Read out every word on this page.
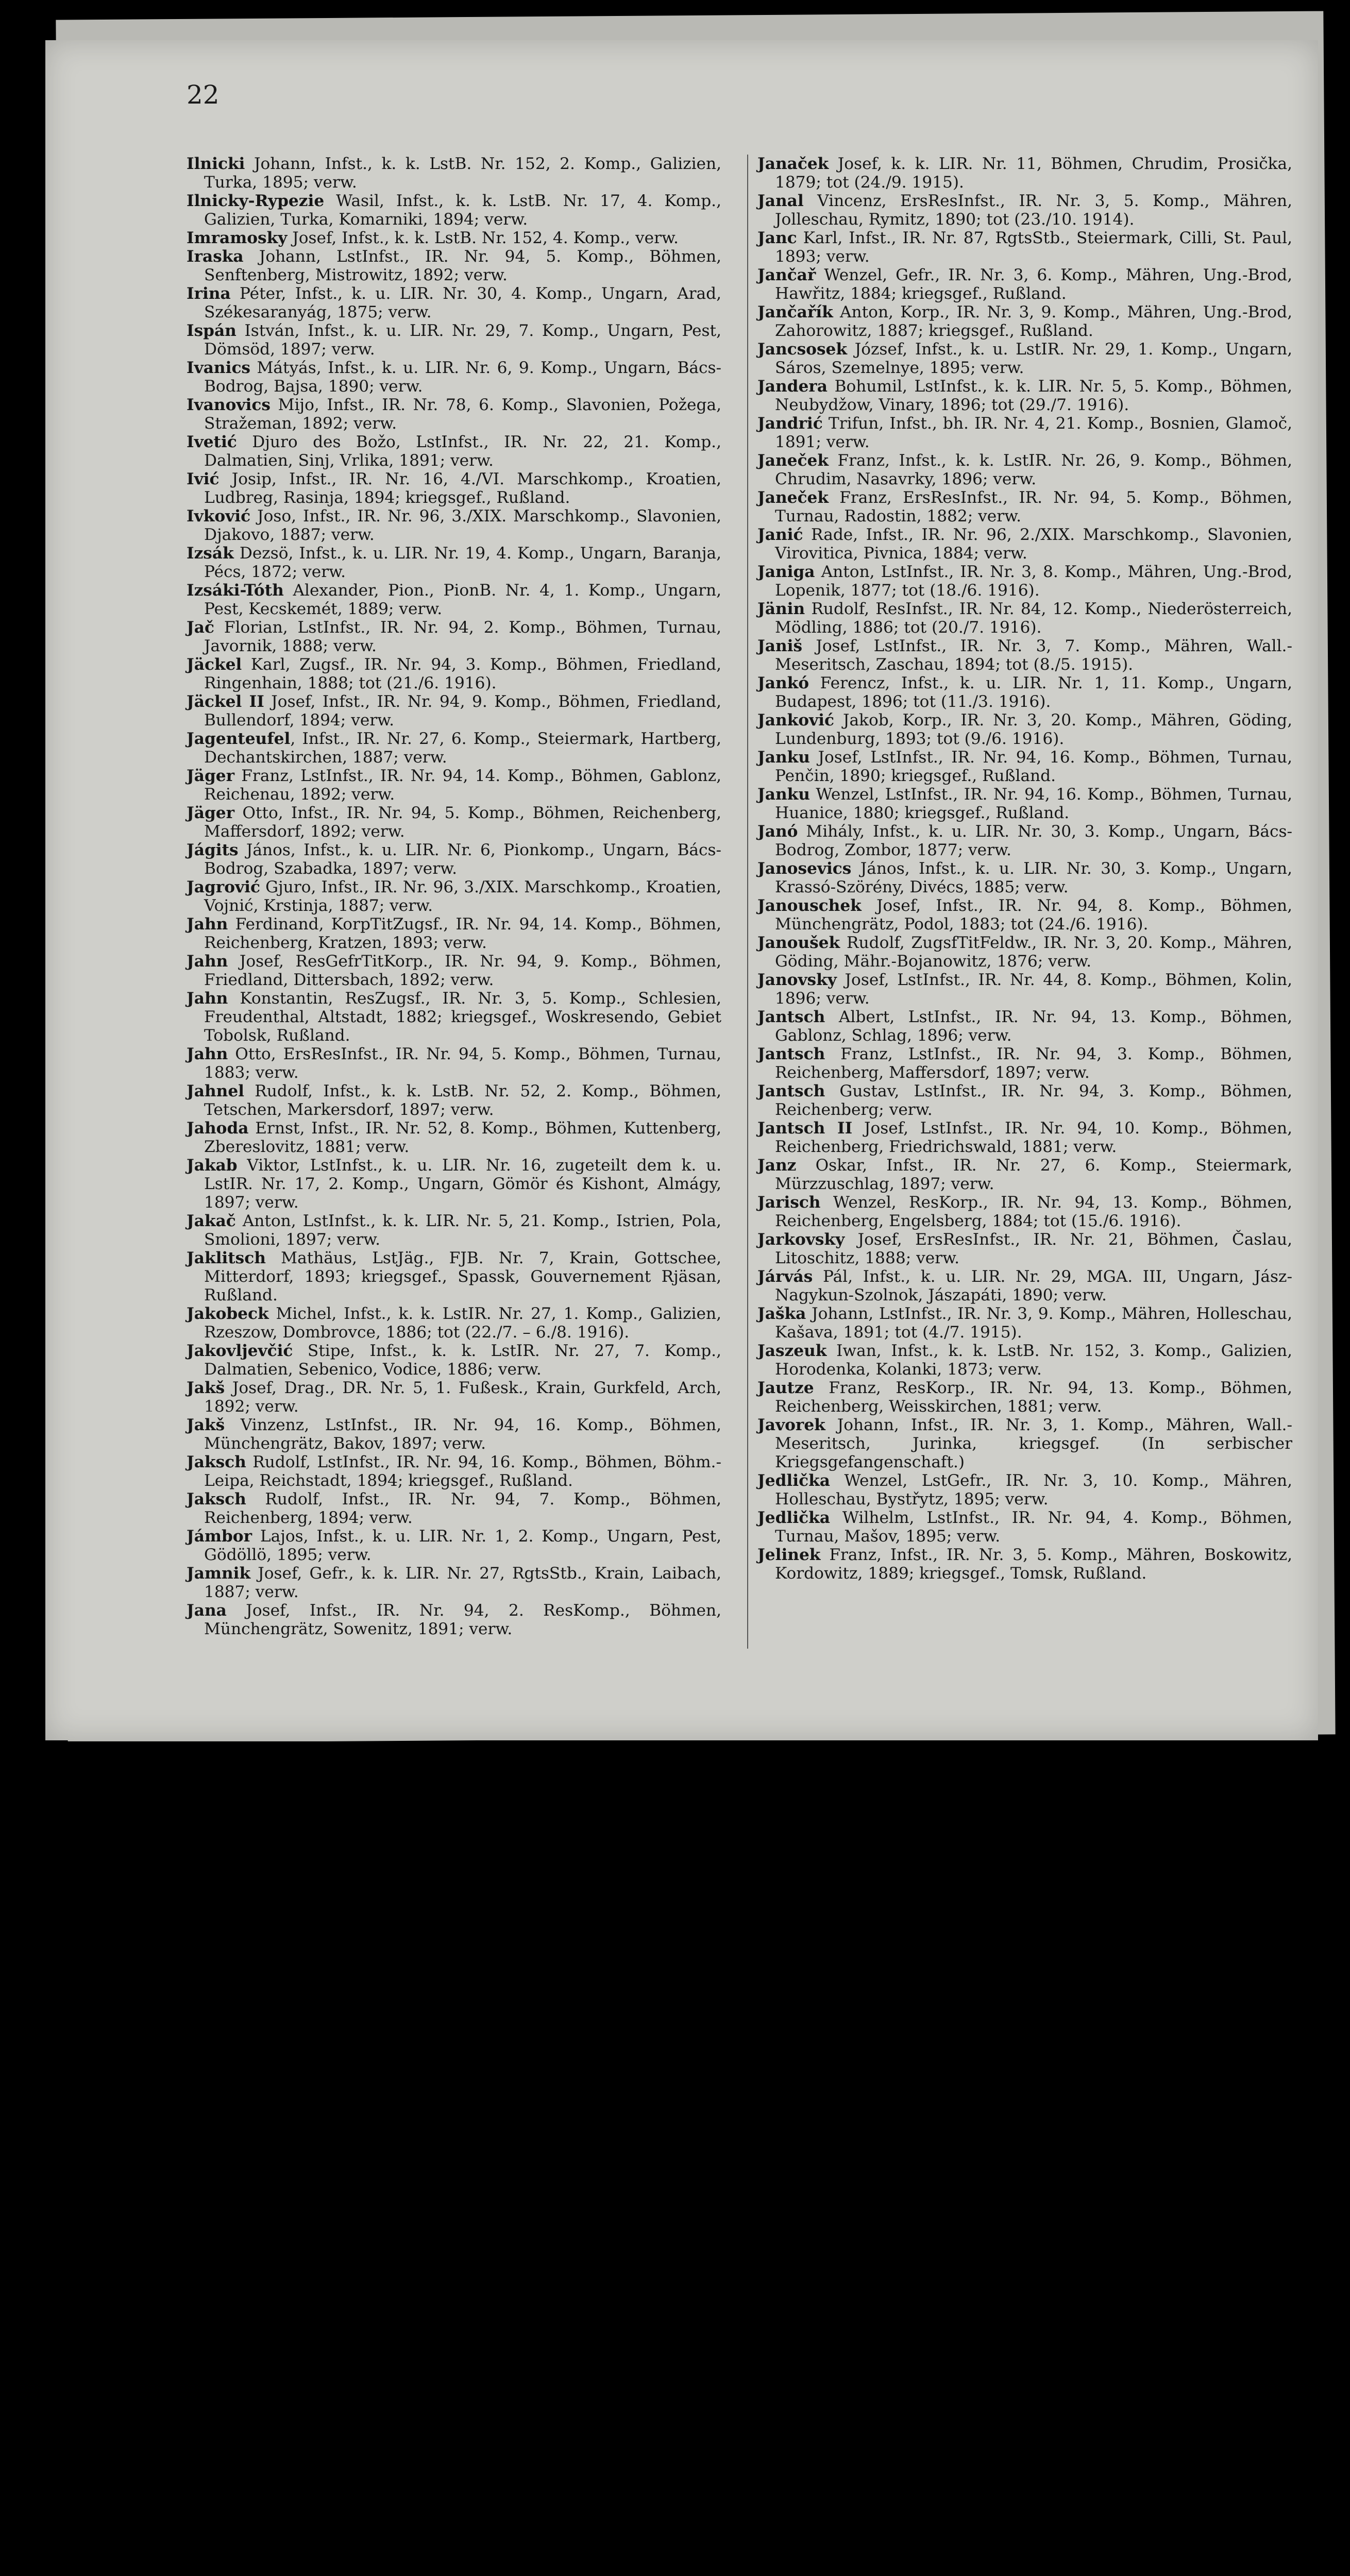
22
Ilnicki Johann, Infst., k. k. LstB. Nr. 152, 2. Komp., Galizien, Turka, 1895; verw.
Ilnicky-Rypezie Wasil, Infst., k. k. LstB. Nr. 17, 4. Komp., Galizien, Turka, Komarniki, 1894; verw.
Imramosky Josef, Infst., k. k. LstB. Nr. 152, 4. Komp., verw.
Iraska Johann, LstInfst., IR. Nr. 94, 5. Komp., Böhmen, Senftenberg, Mistrowitz, 1892; verw.
Irina Péter, Infst., k. u. LIR. Nr. 30, 4. Komp., Ungarn, Arad, Székesaranyág, 1875; verw.
Ispán István, Infst., k. u. LIR. Nr. 29, 7. Komp., Ungarn, Pest, Dömsöd, 1897; verw.
Ivanics Mátyás, Infst., k. u. LIR. Nr. 6, 9. Komp., Ungarn, Bács-Bodrog, Bajsa, 1890; verw.
Ivanovics Mijo, Infst., IR. Nr. 78, 6. Komp., Slavonien, Požega, Stražeman, 1892; verw.
Ivetić Djuro des Božo, LstInfst., IR. Nr. 22, 21. Komp., Dalmatien, Sinj, Vrlika, 1891; verw.
Ivić Josip, Infst., IR. Nr. 16, 4./VI. Marschkomp., Kroatien, Ludbreg, Rasinja, 1894; kriegsgef., Rußland.
Ivković Joso, Infst., IR. Nr. 96, 3./XIX. Marschkomp., Slavonien, Djakovo, 1887; verw.
Izsák Dezsö, Infst., k. u. LIR. Nr. 19, 4. Komp., Ungarn, Baranja, Pécs, 1872; verw.
Izsáki-Tóth Alexander, Pion., PionB. Nr. 4, 1. Komp., Ungarn, Pest, Kecskemét, 1889; verw.
Jač Florian, LstInfst., IR. Nr. 94, 2. Komp., Böhmen, Turnau, Javornik, 1888; verw.
Jäckel Karl, Zugsf., IR. Nr. 94, 3. Komp., Böhmen, Friedland, Ringenhain, 1888; tot (21./6. 1916).
Jäckel II Josef, Infst., IR. Nr. 94, 9. Komp., Böhmen, Friedland, Bullendorf, 1894; verw.
Jagenteufel, Infst., IR. Nr. 27, 6. Komp., Steiermark, Hartberg, Dechantskirchen, 1887; verw.
Jäger Franz, LstInfst., IR. Nr. 94, 14. Komp., Böhmen, Gablonz, Reichenau, 1892; verw.
Jäger Otto, Infst., IR. Nr. 94, 5. Komp., Böhmen, Reichenberg, Maffersdorf, 1892; verw.
Jágits János, Infst., k. u. LIR. Nr. 6, Pionkomp., Ungarn, Bács-Bodrog, Szabadka, 1897; verw.
Jagrović Gjuro, Infst., IR. Nr. 96, 3./XIX. Marschkomp., Kroatien, Vojnić, Krstinja, 1887; verw.
Jahn Ferdinand, KorpTitZugsf., IR. Nr. 94, 14. Komp., Böhmen, Reichenberg, Kratzen, 1893; verw.
Jahn Josef, ResGefrTitKorp., IR. Nr. 94, 9. Komp., Böhmen, Friedland, Dittersbach, 1892; verw.
Jahn Konstantin, ResZugsf., IR. Nr. 3, 5. Komp., Schlesien, Freudenthal, Altstadt, 1882; kriegsgef., Woskresendo, Gebiet Tobolsk, Rußland.
Jahn Otto, ErsResInfst., IR. Nr. 94, 5. Komp., Böhmen, Turnau, 1883; verw.
Jahnel Rudolf, Infst., k. k. LstB. Nr. 52, 2. Komp., Böhmen, Tetschen, Markersdorf, 1897; verw.
Jahoda Ernst, Infst., IR. Nr. 52, 8. Komp., Böhmen, Kuttenberg, Zbereslovitz, 1881; verw.
Jakab Viktor, LstInfst., k. u. LIR. Nr. 16, zugeteilt dem k. u. LstIR. Nr. 17, 2. Komp., Ungarn, Gömör és Kishont, Almágy, 1897; verw.
Jakač Anton, LstInfst., k. k. LIR. Nr. 5, 21. Komp., Istrien, Pola, Smolioni, 1897; verw.
Jaklitsch Mathäus, LstJäg., FJB. Nr. 7, Krain, Gottschee, Mitterdorf, 1893; kriegsgef., Spassk, Gouvernement Rjäsan, Rußland.
Jakobeck Michel, Infst., k. k. LstIR. Nr. 27, 1. Komp., Galizien, Rzeszow, Dombrovce, 1886; tot (22./7. – 6./8. 1916).
Jakovljevčić Stipe, Infst., k. k. LstIR. Nr. 27, 7. Komp., Dalmatien, Sebenico, Vodice, 1886; verw.
Jakš Josef, Drag., DR. Nr. 5, 1. Fußesk., Krain, Gurkfeld, Arch, 1892; verw.
Jakš Vinzenz, LstInfst., IR. Nr. 94, 16. Komp., Böhmen, Münchengrätz, Bakov, 1897; verw.
Jaksch Rudolf, LstInfst., IR. Nr. 94, 16. Komp., Böhmen, Böhm.-Leipa, Reichstadt, 1894; kriegsgef., Rußland.
Jaksch Rudolf, Infst., IR. Nr. 94, 7. Komp., Böhmen, Reichenberg, 1894; verw.
Jámbor Lajos, Infst., k. u. LIR. Nr. 1, 2. Komp., Ungarn, Pest, Gödöllö, 1895; verw.
Jamnik Josef, Gefr., k. k. LIR. Nr. 27, RgtsStb., Krain, Laibach, 1887; verw.
Jana Josef, Infst., IR. Nr. 94, 2. ResKomp., Böhmen, Münchengrätz, Sowenitz, 1891; verw.
Janaček Josef, k. k. LIR. Nr. 11, Böhmen, Chrudim, Prosička, 1879; tot (24./9. 1915).
Janal Vincenz, ErsResInfst., IR. Nr. 3, 5. Komp., Mähren, Jolleschau, Rymitz, 1890; tot (23./10. 1914).
Janc Karl, Infst., IR. Nr. 87, RgtsStb., Steiermark, Cilli, St. Paul, 1893; verw.
Jančař Wenzel, Gefr., IR. Nr. 3, 6. Komp., Mähren, Ung.-Brod, Hawřitz, 1884; kriegsgef., Rußland.
Jančařík Anton, Korp., IR. Nr. 3, 9. Komp., Mähren, Ung.-Brod, Zahorowitz, 1887; kriegsgef., Rußland.
Jancsosek József, Infst., k. u. LstIR. Nr. 29, 1. Komp., Ungarn, Sáros, Szemelnye, 1895; verw.
Jandera Bohumil, LstInfst., k. k. LIR. Nr. 5, 5. Komp., Böhmen, Neubydžow, Vinary, 1896; tot (29./7. 1916).
Jandrić Trifun, Infst., bh. IR. Nr. 4, 21. Komp., Bosnien, Glamoč, 1891; verw.
Janeček Franz, Infst., k. k. LstIR. Nr. 26, 9. Komp., Böhmen, Chrudim, Nasavrky, 1896; verw.
Janeček Franz, ErsResInfst., IR. Nr. 94, 5. Komp., Böhmen, Turnau, Radostin, 1882; verw.
Janić Rade, Infst., IR. Nr. 96, 2./XIX. Marschkomp., Slavonien, Virovitica, Pivnica, 1884; verw.
Janiga Anton, LstInfst., IR. Nr. 3, 8. Komp., Mähren, Ung.-Brod, Lopenik, 1877; tot (18./6. 1916).
Jänin Rudolf, ResInfst., IR. Nr. 84, 12. Komp., Niederösterreich, Mödling, 1886; tot (20./7. 1916).
Janiš Josef, LstInfst., IR. Nr. 3, 7. Komp., Mähren, Wall.-Meseritsch, Zaschau, 1894; tot (8./5. 1915).
Jankó Ferencz, Infst., k. u. LIR. Nr. 1, 11. Komp., Ungarn, Budapest, 1896; tot (11./3. 1916).
Janković Jakob, Korp., IR. Nr. 3, 20. Komp., Mähren, Göding, Lundenburg, 1893; tot (9./6. 1916).
Janku Josef, LstInfst., IR. Nr. 94, 16. Komp., Böhmen, Turnau, Penčin, 1890; kriegsgef., Rußland.
Janku Wenzel, LstInfst., IR. Nr. 94, 16. Komp., Böhmen, Turnau, Huanice, 1880; kriegsgef., Rußland.
Janó Mihály, Infst., k. u. LIR. Nr. 30, 3. Komp., Ungarn, Bács-Bodrog, Zombor, 1877; verw.
Janosevics János, Infst., k. u. LIR. Nr. 30, 3. Komp., Ungarn, Krassó-Szörény, Divécs, 1885; verw.
Janouschek Josef, Infst., IR. Nr. 94, 8. Komp., Böhmen, Münchengrätz, Podol, 1883; tot (24./6. 1916).
Janoušek Rudolf, ZugsfTitFeldw., IR. Nr. 3, 20. Komp., Mähren, Göding, Mähr.-Bojanowitz, 1876; verw.
Janovsky Josef, LstInfst., IR. Nr. 44, 8. Komp., Böhmen, Kolin, 1896; verw.
Jantsch Albert, LstInfst., IR. Nr. 94, 13. Komp., Böhmen, Gablonz, Schlag, 1896; verw.
Jantsch Franz, LstInfst., IR. Nr. 94, 3. Komp., Böhmen, Reichenberg, Maffersdorf, 1897; verw.
Jantsch Gustav, LstInfst., IR. Nr. 94, 3. Komp., Böhmen, Reichenberg; verw.
Jantsch II Josef, LstInfst., IR. Nr. 94, 10. Komp., Böhmen, Reichenberg, Friedrichswald, 1881; verw.
Janz Oskar, Infst., IR. Nr. 27, 6. Komp., Steiermark, Mürzzuschlag, 1897; verw.
Jarisch Wenzel, ResKorp., IR. Nr. 94, 13. Komp., Böhmen, Reichenberg, Engelsberg, 1884; tot (15./6. 1916).
Jarkovsky Josef, ErsResInfst., IR. Nr. 21, Böhmen, Časlau, Litoschitz, 1888; verw.
Járvás Pál, Infst., k. u. LIR. Nr. 29, MGA. III, Ungarn, Jász-Nagykun-Szolnok, Jászapáti, 1890; verw.
Jaška Johann, LstInfst., IR. Nr. 3, 9. Komp., Mähren, Holleschau, Kašava, 1891; tot (4./7. 1915).
Jaszeuk Iwan, Infst., k. k. LstB. Nr. 152, 3. Komp., Galizien, Horodenka, Kolanki, 1873; verw.
Jautze Franz, ResKorp., IR. Nr. 94, 13. Komp., Böhmen, Reichenberg, Weisskirchen, 1881; verw.
Javorek Johann, Infst., IR. Nr. 3, 1. Komp., Mähren, Wall.-Meseritsch, Jurinka, kriegsgef. (In serbischer Kriegsgefangenschaft.)
Jedlička Wenzel, LstGefr., IR. Nr. 3, 10. Komp., Mähren, Holleschau, Bystřytz, 1895; verw.
Jedlička Wilhelm, LstInfst., IR. Nr. 94, 4. Komp., Böhmen, Turnau, Mašov, 1895; verw.
Jelinek Franz, Infst., IR. Nr. 3, 5. Komp., Mähren, Boskowitz, Kordowitz, 1889; kriegsgef., Tomsk, Rußland.
